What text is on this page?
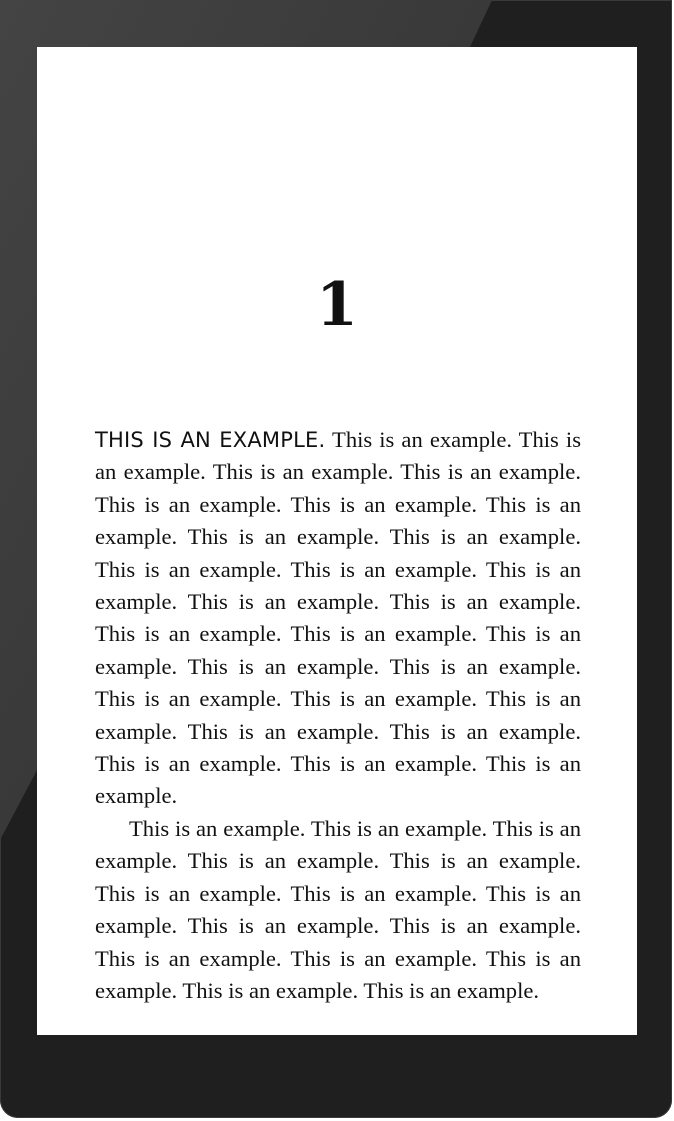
1

THIS IS AN EXAMPLE. This is an example. This is an example. This is an example. This is an example. This is an example. This is an example. This is an example. This is an example. This is an example. This is an example. This is an example. This is an example. This is an example. This is an example. This is an example. This is an example. This is an example. This is an example. This is an example. This is an example. This is an example. This is an example. This is an example. This is an example. This is an example. This is an example. This is an example.

This is an example. This is an example. This is an example. This is an example. This is an example. This is an example. This is an example. This is an example. This is an example. This is an example. This is an example. This is an example. This is an example. This is an example. This is an example.
